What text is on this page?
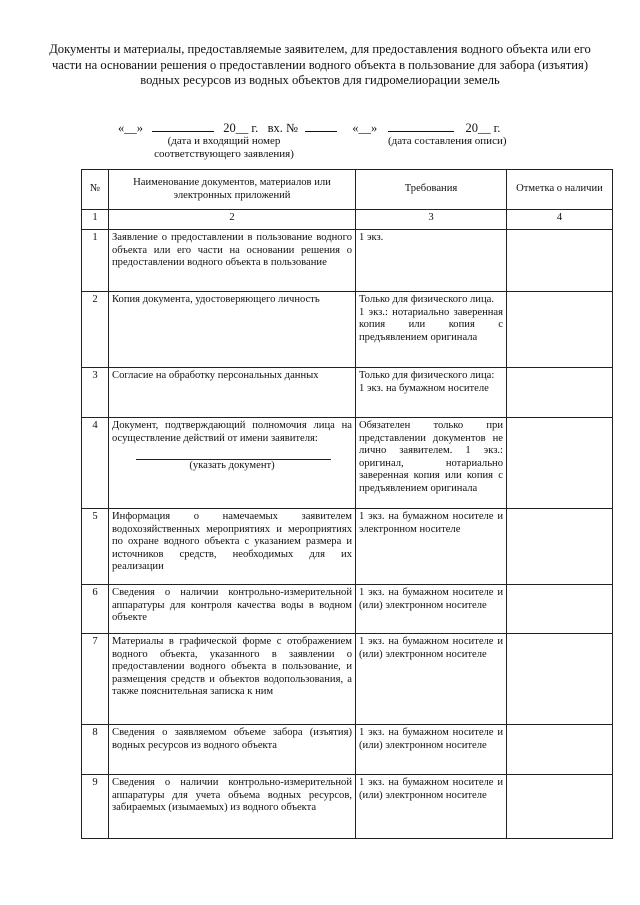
Документы и материалы, предоставляемые заявителем, для предоставления водного объекта или его части на основании решения о предоставлении водного объекта в пользование для забора (изъятия) водных ресурсов из водных объектов для гидромелиорации земель
«__»	20__ г. вх. №	«__»	20__ г.
(дата и входящий номер соответствующего заявления)
(дата составления описи)
№	Наименование документов, материалов или электронных приложений	Требования	Отметка о наличии
1	2	3	4
1	Заявление о предоставлении в пользование водного объекта или его части на основании решения о предоставлении водного объекта в пользование	1 экз.	
2	Копия документа, удостоверяющего личность	Только для физического лица.
1 экз.: нотариально заверенная копия или копия с предъявлением оригинала	
3	Согласие на обработку персональных данных	Только для физического лица:
1 экз. на бумажном носителе	
4	Документ, подтверждающий полномочия лица на осуществление действий от имени заявителя:
(указать документ)	Обязателен только при представлении документов не лично заявителем. 1 экз.: оригинал, нотариально заверенная копия или копия с предъявлением оригинала	
5	Информация о намечаемых заявителем водохозяйственных мероприятиях и мероприятиях по охране водного объекта с указанием размера и источников средств, необходимых для их реализации	1 экз. на бумажном носителе и электронном носителе	
6	Сведения о наличии контрольно-измерительной аппаратуры для контроля качества воды в водном объекте	1 экз. на бумажном носителе и (или) электронном носителе	
7	Материалы в графической форме с отображением водного объекта, указанного в заявлении о предоставлении водного объекта в пользование, и размещения средств и объектов водопользования, а также пояснительная записка к ним	1 экз. на бумажном носителе и (или) электронном носителе	
8	Сведения о заявляемом объеме забора (изъятия) водных ресурсов из водного объекта	1 экз. на бумажном носителе и (или) электронном носителе	
9	Сведения о наличии контрольно-измерительной аппаратуры для учета объема водных ресурсов, забираемых (изымаемых) из водного объекта	1 экз. на бумажном носителе и (или) электронном носителе	
